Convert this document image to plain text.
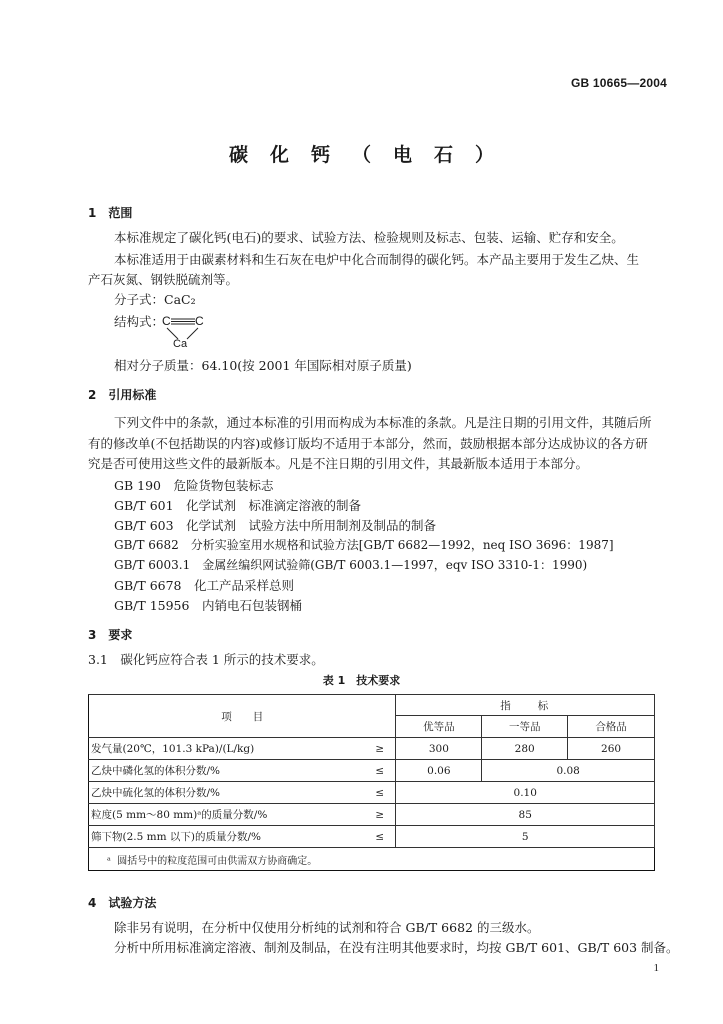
GB 10665—2004
碳化钙（电石）
1　范围
本标准规定了碳化钙(电石)的要求、试验方法、检验规则及标志、包装、运输、贮存和安全。
本标准适用于由碳素材料和生石灰在电炉中化合而制得的碳化钙。本产品主要用于发生乙炔、生
产石灰氮、钢铁脱硫剂等。
分子式：CaC₂
结构式：
C C
Ca
相对分子质量：64.10(按 2001 年国际相对原子质量)
2　引用标准
下列文件中的条款，通过本标准的引用而构成为本标准的条款。凡是注日期的引用文件，其随后所
有的修改单(不包括勘误的内容)或修订版均不适用于本部分，然而，鼓励根据本部分达成协议的各方研
究是否可使用这些文件的最新版本。凡是不注日期的引用文件，其最新版本适用于本部分。
GB 190　危险货物包装标志
GB/T 601　化学试剂　标准滴定溶液的制备
GB/T 603　化学试剂　试验方法中所用制剂及制品的制备
GB/T 6682　分析实验室用水规格和试验方法[GB/T 6682—1992，neq ISO 3696：1987]
GB/T 6003.1　金属丝编织网试验筛(GB/T 6003.1—1997，eqv ISO 3310-1：1990)
GB/T 6678　化工产品采样总则
GB/T 15956　内销电石包装钢桶
3　要求
3.1　碳化钙应符合表 1 所示的技术要求。
表 1　技术要求
项　　目		指　　标		
		优等品	一等品	合格品
发气量(20℃，101.3 kPa)/(L/kg)	≥	300	280	260
乙炔中磷化氢的体积分数/%	≤	0.06	0.08	
乙炔中硫化氢的体积分数/%	≤	0.10		
粒度(5 mm～80 mm)ᵃ的质量分数/%	≥	85		
筛下物(2.5 mm 以下)的质量分数/%	≤	5		
ᵃ 圆括号中的粒度范围可由供需双方协商确定。				
4　试验方法
除非另有说明，在分析中仅使用分析纯的试剂和符合 GB/T 6682 的三级水。
分析中所用标准滴定溶液、制剂及制品，在没有注明其他要求时，均按 GB/T 601、GB/T 603 制备。
1
